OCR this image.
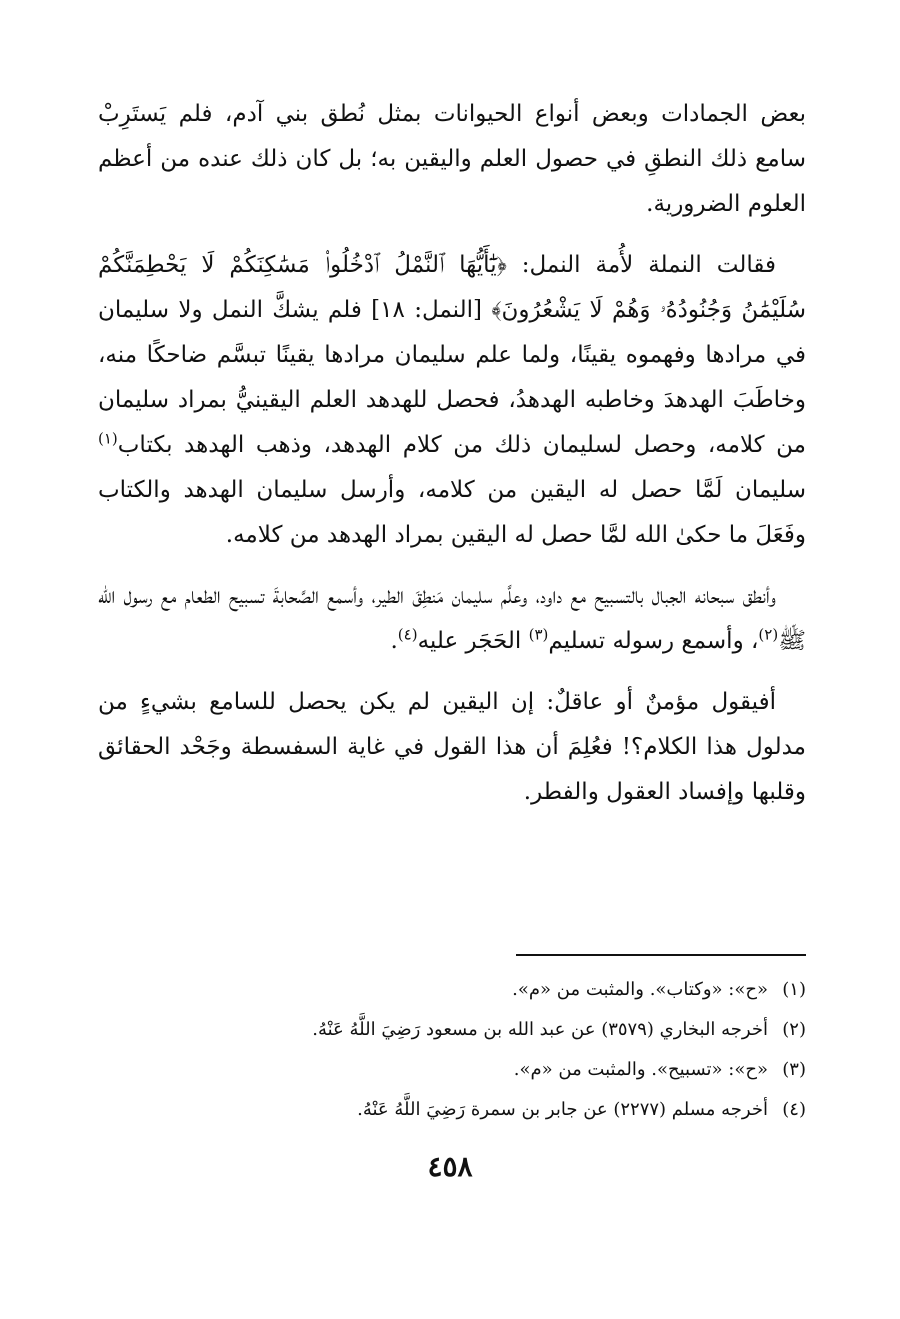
بعض الجمادات وبعض أنواع الحيوانات بمثل نُطق بني آدم، فلم يَستَرِبْ سامع ذلك النطقِ في حصول العلم واليقين به؛ بل كان ذلك عنده من أعظم العلوم الضرورية.

فقالت النملة لأُمة النمل: ﴿يَٰٓأَيُّهَا ٱلنَّمْلُ ٱدْخُلُوا۟ مَسَٰكِنَكُمْ لَا يَحْطِمَنَّكُمْ سُلَيْمَٰنُ وَجُنُودُهُۥ وَهُمْ لَا يَشْعُرُونَ﴾ [النمل: ١٨] فلم يشكَّ النمل ولا سليمان في مرادها وفهموه يقينًا، ولما علم سليمان مرادها يقينًا تبسَّم ضاحكًا منه، وخاطَبَ الهدهدَ وخاطبه الهدهدُ، فحصل للهدهد العلم اليقينيُّ بمراد سليمان من كلامه، وحصل لسليمان ذلك من كلام الهدهد، وذهب الهدهد بكتاب$^{(١)}$ سليمان لَمَّا حصل له اليقين من كلامه، وأرسل سليمان الهدهد والكتاب وفَعَلَ ما حكىٰ الله لمَّا حصل له اليقين بمراد الهدهد من كلامه.

وأنطق سبحانه الجبال بالتسبيح مع داود، وعلَّم سليمان مَنطِقَ الطير، وأسمع الصَّحابةَ تسبيح الطعام مع رسول الله ﷺ$^{(٢)}$، وأسمع رسوله تسليم$^{(٣)}$ الحَجَر عليه$^{(٤)}$.

أفيقول مؤمنٌ أو عاقلٌ: إن اليقين لم يكن يحصل للسامع بشيءٍ من مدلول هذا الكلام؟! فعُلِمَ أن هذا القول في غاية السفسطة وجَحْد الحقائق وقلبها وإفساد العقول والفطر.

(١)«ح»: «وكتاب». والمثبت من «م».

(٢)أخرجه البخاري (٣٥٧٩) عن عبد الله بن مسعود رَضِيَ اللَّهُ عَنْهُ.

(٣)«ح»: «تسبيح». والمثبت من «م».

(٤)أخرجه مسلم (٢٢٧٧) عن جابر بن سمرة رَضِيَ اللَّهُ عَنْهُ.

٤٥٨
